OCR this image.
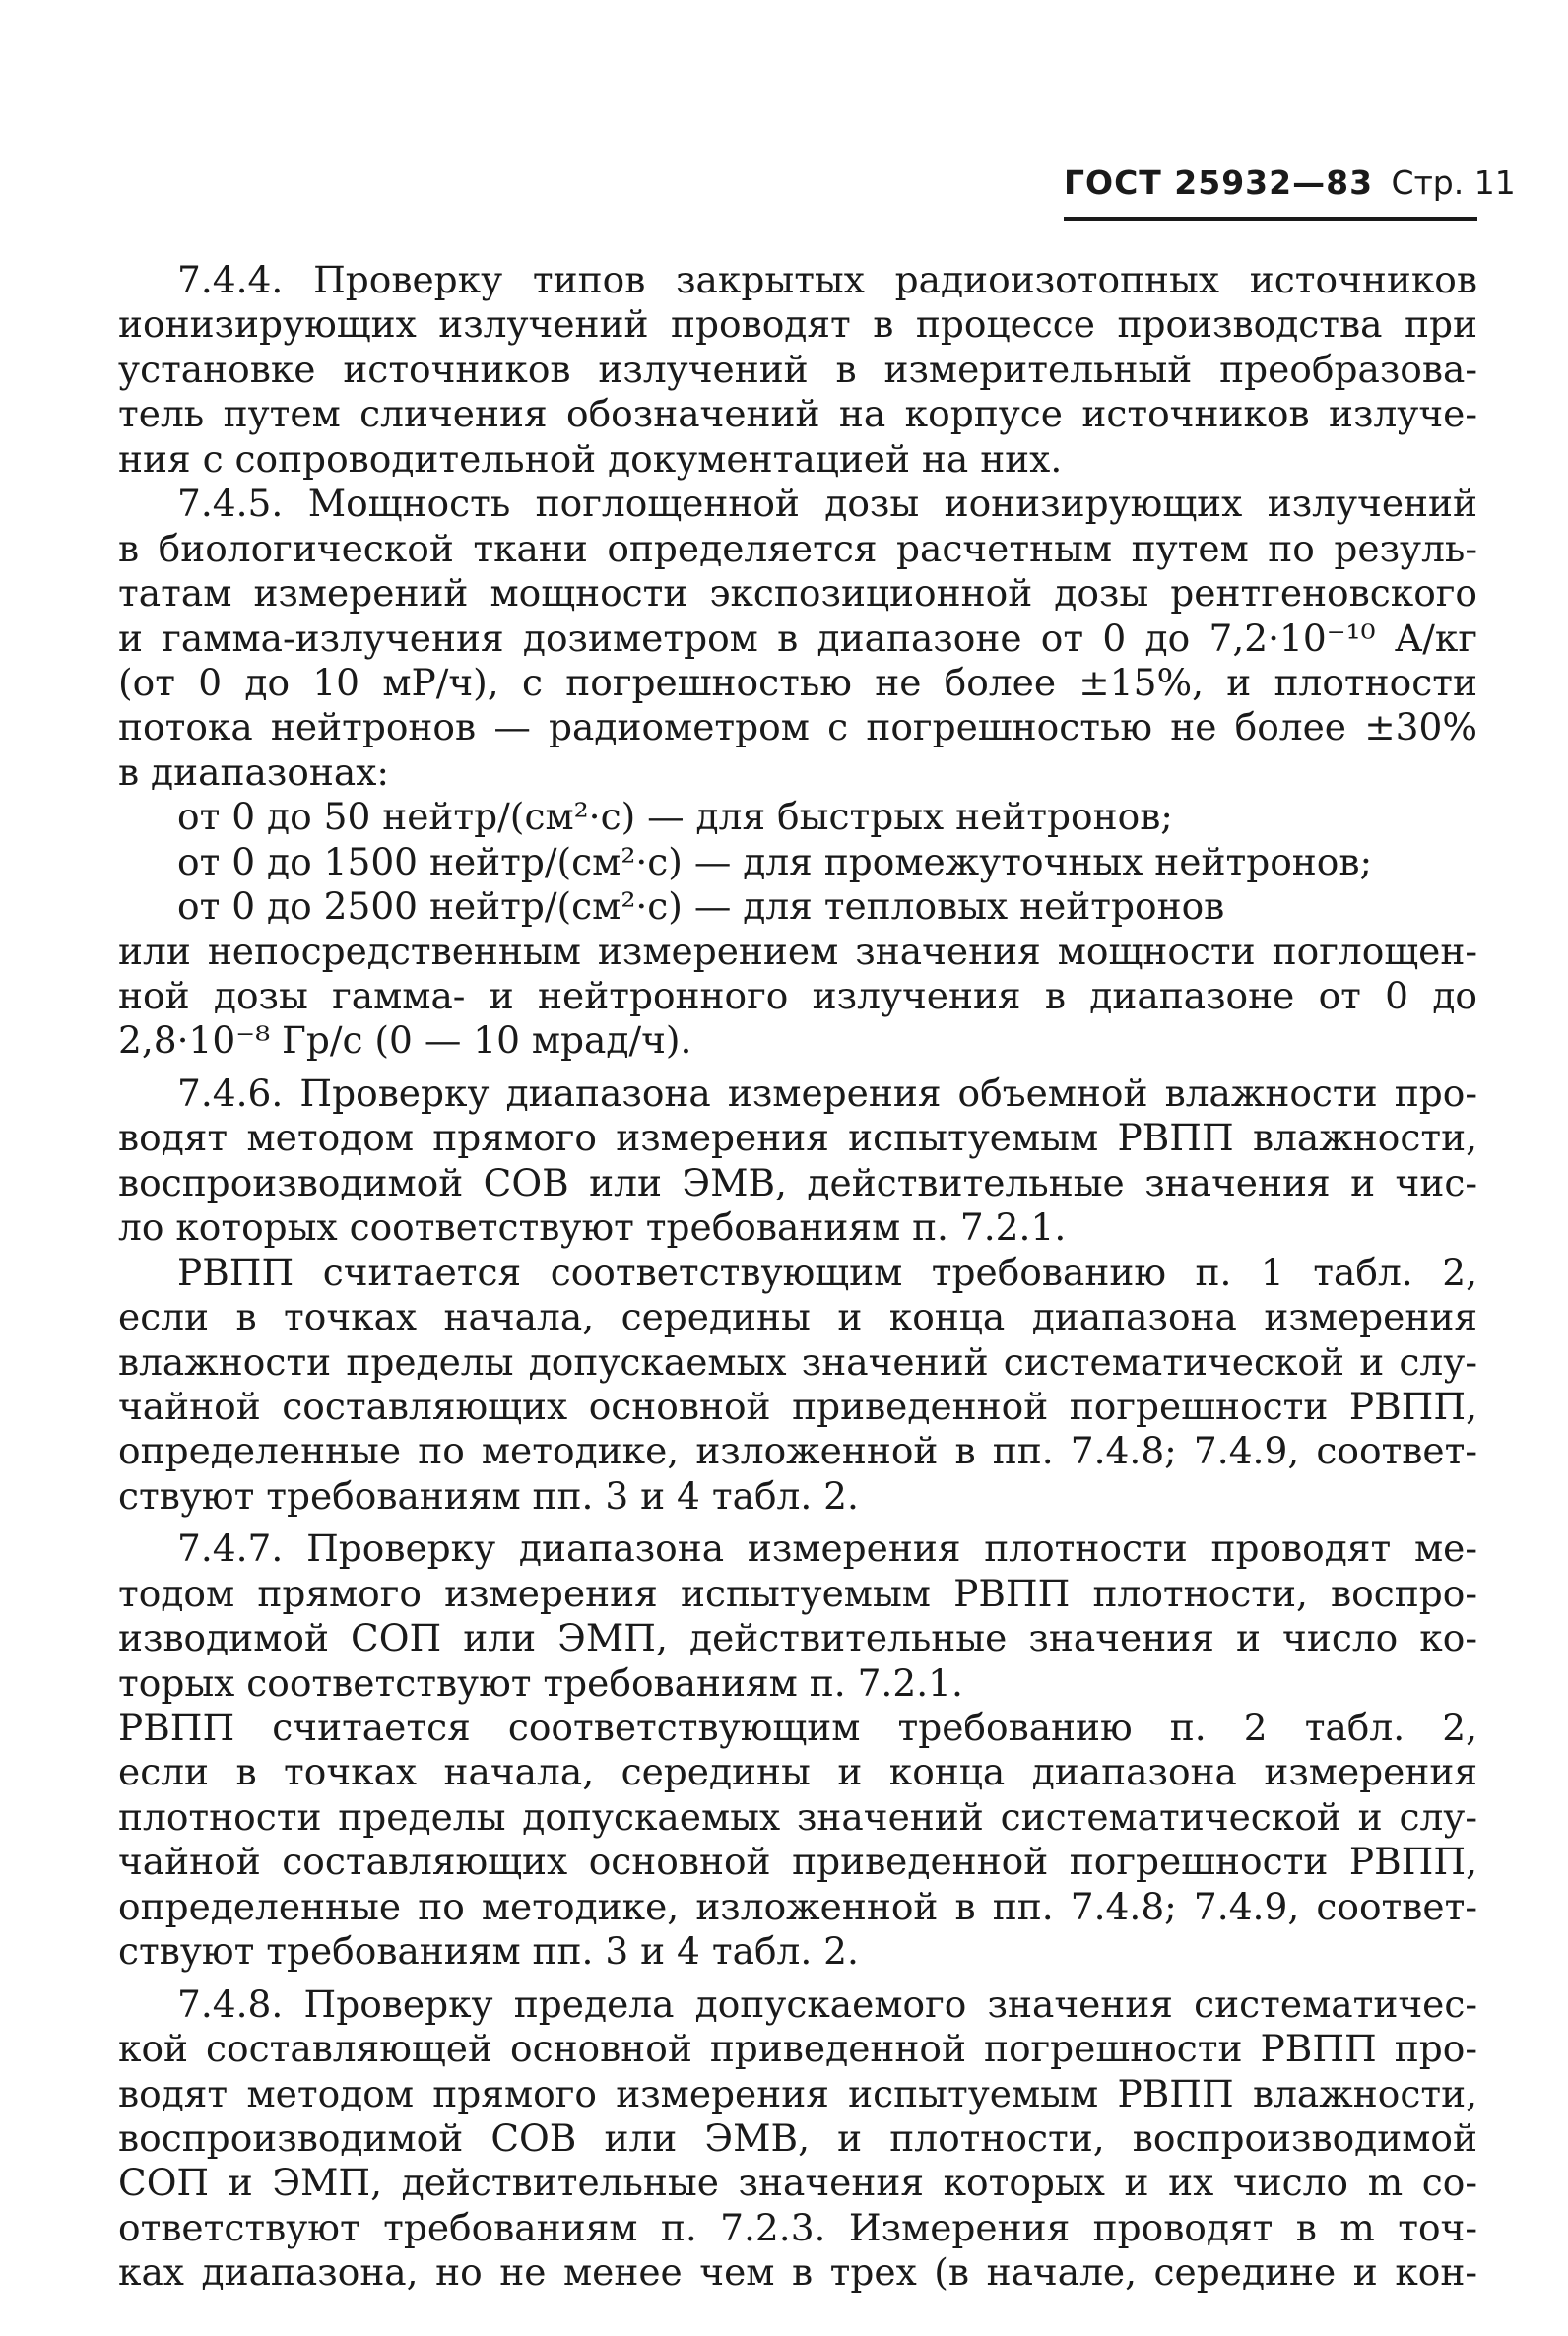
ГОСТ 25932—83 Стр. 11
7.4.4. Проверку типов закрытых радиоизотопных источников
ионизирующих излучений проводят в процессе производства при
установке источников излучений в измерительный преобразова-
тель путем сличения обозначений на корпусе источников излуче-
ния с сопроводительной документацией на них.
7.4.5. Мощность поглощенной дозы ионизирующих излучений
в биологической ткани определяется расчетным путем по резуль-
татам измерений мощности экспозиционной дозы рентгеновского
и гамма-излучения дозиметром в диапазоне от 0 до 7,2·10⁻¹⁰ А/кг
(от 0 до 10 мР/ч), с погрешностью не более ±15%, и плотности
потока нейтронов — радиометром с погрешностью не более ±30%
в диапазонах:
от 0 до 50 нейтр/(см²·с) — для быстрых нейтронов;
от 0 до 1500 нейтр/(см²·с) — для промежуточных нейтронов;
от 0 до 2500 нейтр/(см²·с) — для тепловых нейтронов
или непосредственным измерением значения мощности поглощен-
ной дозы гамма- и нейтронного излучения в диапазоне от 0 до
2,8·10⁻⁸ Гр/с (0 — 10 мрад/ч).
7.4.6. Проверку диапазона измерения объемной влажности про-
водят методом прямого измерения испытуемым РВПП влажности,
воспроизводимой СОВ или ЭМВ, действительные значения и чис-
ло которых соответствуют требованиям п. 7.2.1.
РВПП считается соответствующим требованию п. 1 табл. 2,
если в точках начала, середины и конца диапазона измерения
влажности пределы допускаемых значений систематической и слу-
чайной составляющих основной приведенной погрешности РВПП,
определенные по методике, изложенной в пп. 7.4.8; 7.4.9, соответ-
ствуют требованиям пп. 3 и 4 табл. 2.
7.4.7. Проверку диапазона измерения плотности проводят ме-
тодом прямого измерения испытуемым РВПП плотности, воспро-
изводимой СОП или ЭМП, действительные значения и число ко-
торых соответствуют требованиям п. 7.2.1.
РВПП считается соответствующим требованию п. 2 табл. 2,
если в точках начала, середины и конца диапазона измерения
плотности пределы допускаемых значений систематической и слу-
чайной составляющих основной приведенной погрешности РВПП,
определенные по методике, изложенной в пп. 7.4.8; 7.4.9, соответ-
ствуют требованиям пп. 3 и 4 табл. 2.
7.4.8. Проверку предела допускаемого значения систематичес-
кой составляющей основной приведенной погрешности РВПП про-
водят методом прямого измерения испытуемым РВПП влажности,
воспроизводимой СОВ или ЭМВ, и плотности, воспроизводимой
СОП и ЭМП, действительные значения которых и их число m со-
ответствуют требованиям п. 7.2.3. Измерения проводят в m точ-
ках диапазона, но не менее чем в трех (в начале, середине и кон-
